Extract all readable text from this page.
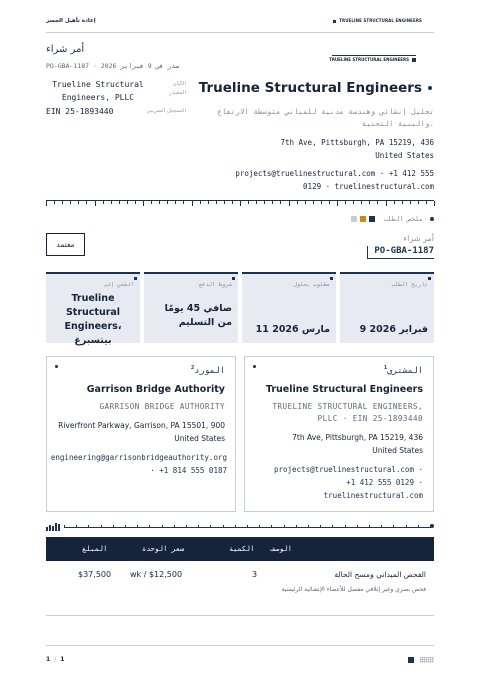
إعادة تأهيل الجسر	TRUELINE STRUCTURAL ENGINEERS
أمر شراء
PO-GBA-1187 · صدر في 9 فبراير 2026
Trueline Structural Engineers, PLLC
الكيان المصدر
EIN 25-1893440	التسجيل الضريبي
TRUELINE STRUCTURAL ENGINEERS
Trueline Structural Engineers
تحليل إنشائي وهندسة مدنية للمباني متوسطة الارتفاع والبنية التحتية.
7th Ave, Pittsburgh, PA 15219, 436
United States
projects@truelinestructural.com · +1 412 555
0129 · truelinestructural.com
ملخص الطلب
معتمد
أمر شراء
PO-GBA-1187
الشحن إلى
Trueline Structural Engineers، بيتسبرغ
شروط الدفع
صافي 45 يومًا من التسليم
مطلوب بحلول
11 مارس 2026
تاريخ الطلب
9 فبراير 2026
$^2$المورد
Garrison Bridge Authority
GARRISON BRIDGE AUTHORITY
Riverfront Parkway, Garrison, PA 15501, 900
United States
engineering@garrisonbridgeauthority.org
· +1 814 555 0187
$^1$المشتري
Trueline Structural Engineers
TRUELINE STRUCTURAL ENGINEERS,
PLLC · EIN 25-1893440
7th Ave, Pittsburgh, PA 15219, 436
United States
projects@truelinestructural.com ·
+1 412 555 0129 ·
truelinestructural.com
الوصف
الكمية
سعر الوحدة
المبلغ
الفحص الميداني ومسح الحالة
فحص بصري وغير إتلافي مفصل للأعضاء الإنشائية الرئيسية
3
wk / $12,500
$37,500
1 / 1
